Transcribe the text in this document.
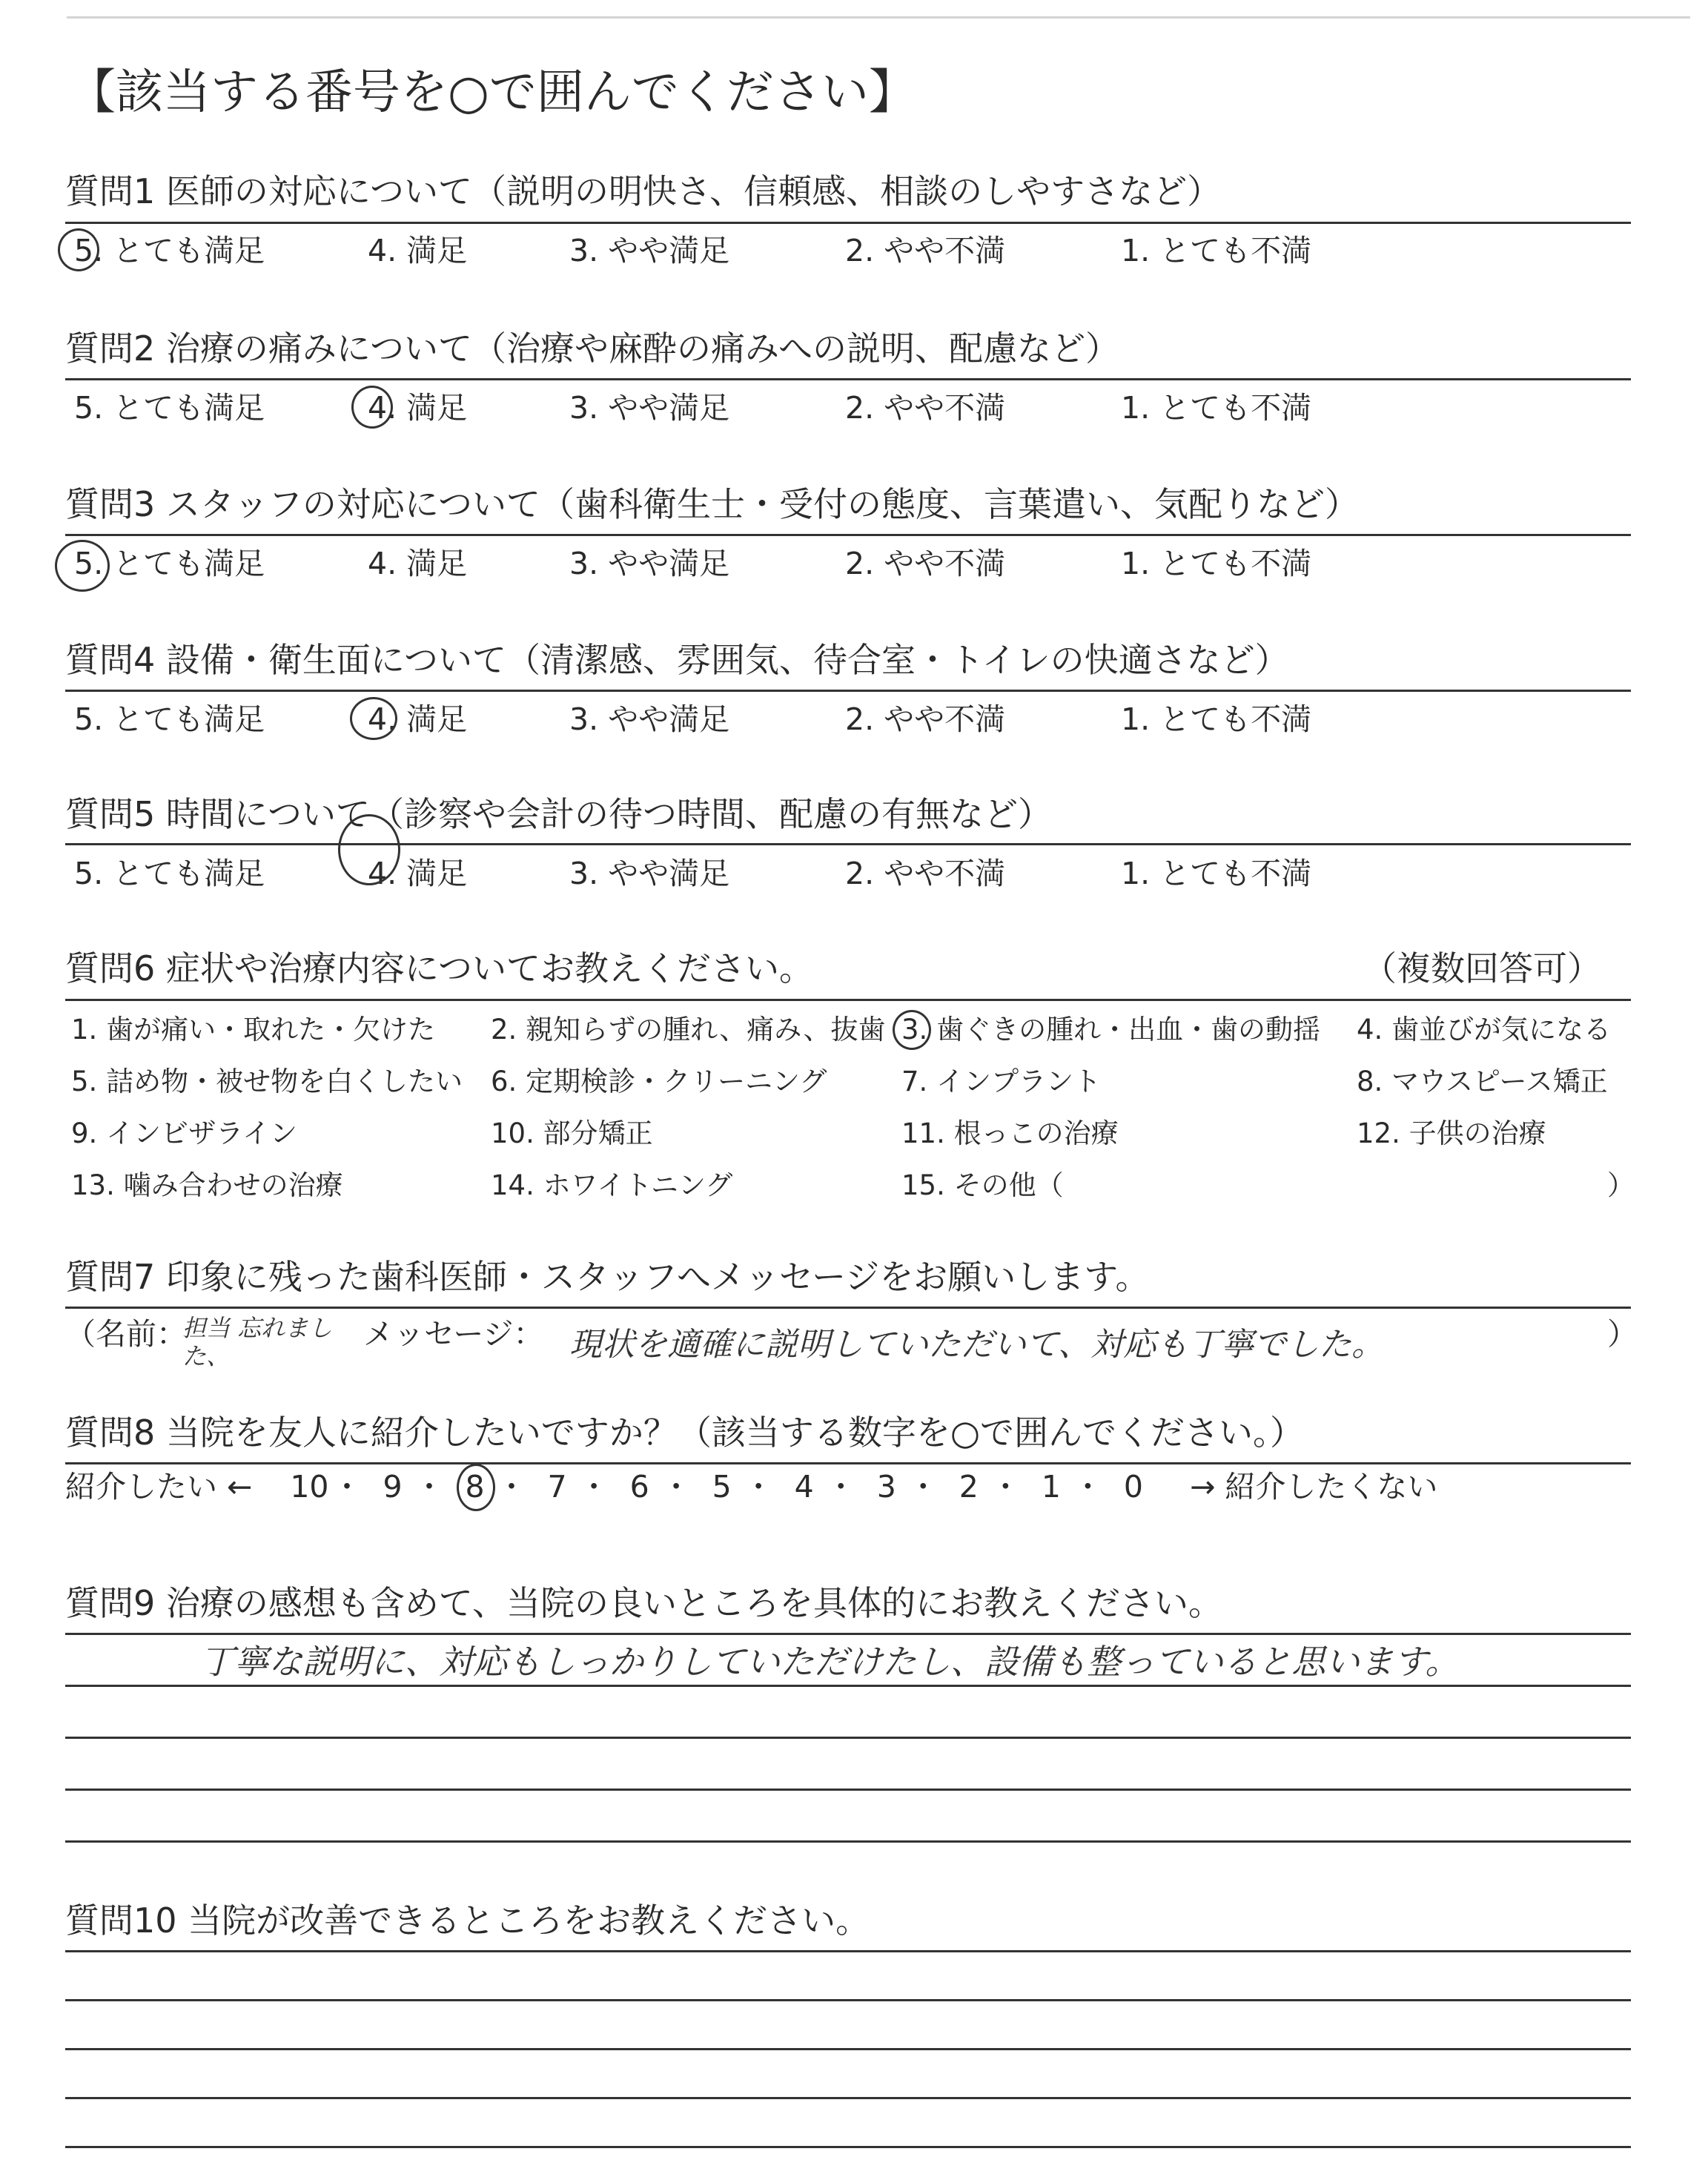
【該当する番号を○で囲んでください】
質問1 医師の対応について（説明の明快さ、信頼感、相談のしやすさなど）
5. とても満足	4. 満足	3. やや満足	2. やや不満	1. とても不満
質問2 治療の痛みについて（治療や麻酔の痛みへの説明、配慮など）
5. とても満足	4. 満足	3. やや満足	2. やや不満	1. とても不満
質問3 スタッフの対応について（歯科衛生士・受付の態度、言葉遣い、気配りなど）
5. とても満足	4. 満足	3. やや満足	2. やや不満	1. とても不満
質問4 設備・衛生面について（清潔感、雰囲気、待合室・トイレの快適さなど）
5. とても満足	4. 満足	3. やや満足	2. やや不満	1. とても不満
質問5 時間について（診察や会計の待つ時間、配慮の有無など）
5. とても満足	4. 満足	3. やや満足	2. やや不満	1. とても不満
質問6 症状や治療内容についてお教えください。	（複数回答可）
1. 歯が痛い・取れた・欠けた 2. 親知らずの腫れ、痛み、抜歯 3. 歯ぐきの腫れ・出血・歯の動揺 4. 歯並びが気になる
5. 詰め物・被せ物を白くしたい 6. 定期検診・クリーニング	7. インプラント	8. マウスピース矯正
9. インビザライン	10. 部分矯正	11. 根っこの治療	12. 子供の治療
13. 噛み合わせの治療	14. ホワイトニング	15. その他（	）
質問7 印象に残った歯科医師・スタッフへメッセージをお願いします。
（名前：
担当 忘れました、
メッセージ： 現状を適確に説明していただいて、対応も丁寧でした。	）
質問8 当院を友人に紹介したいですか？（該当する数字を○で囲んでください。）
紹介したい ← 10・ 9 ・ 8 ・ 7 ・ 6 ・ 5 ・ 4 ・ 3 ・ 2 ・ 1 ・ 0 → 紹介したくない
質問9 治療の感想も含めて、当院の良いところを具体的にお教えください。
丁寧な説明に、対応もしっかりしていただけたし、設備も整っていると思います。
質問10 当院が改善できるところをお教えください。
